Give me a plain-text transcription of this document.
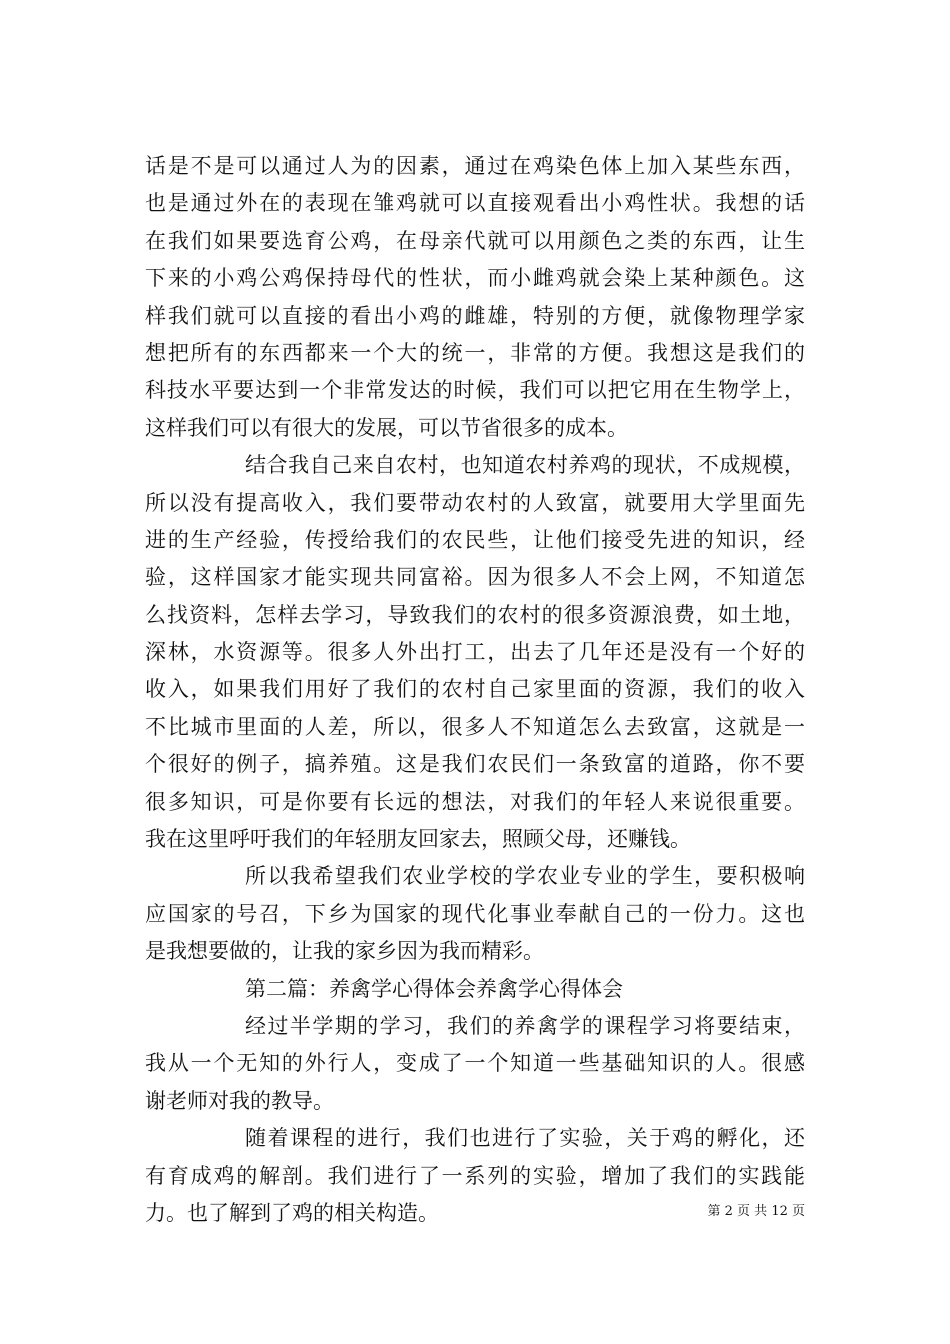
话是不是可以通过人为的因素，通过在鸡染色体上加入某些东西，
也是通过外在的表现在雏鸡就可以直接观看出小鸡性状。我想的话
在我们如果要选育公鸡，在母亲代就可以用颜色之类的东西，让生
下来的小鸡公鸡保持母代的性状，而小雌鸡就会染上某种颜色。这
样我们就可以直接的看出小鸡的雌雄，特别的方便，就像物理学家
想把所有的东西都来一个大的统一，非常的方便。我想这是我们的
科技水平要达到一个非常发达的时候，我们可以把它用在生物学上，
这样我们可以有很大的发展，可以节省很多的成本。
结合我自己来自农村，也知道农村养鸡的现状，不成规模，
所以没有提高收入，我们要带动农村的人致富，就要用大学里面先
进的生产经验，传授给我们的农民些，让他们接受先进的知识，经
验，这样国家才能实现共同富裕。因为很多人不会上网，不知道怎
么找资料，怎样去学习，导致我们的农村的很多资源浪费，如土地，
深林，水资源等。很多人外出打工，出去了几年还是没有一个好的
收入，如果我们用好了我们的农村自己家里面的资源，我们的收入
不比城市里面的人差，所以，很多人不知道怎么去致富，这就是一
个很好的例子，搞养殖。这是我们农民们一条致富的道路，你不要
很多知识，可是你要有长远的想法，对我们的年轻人来说很重要。
我在这里呼吁我们的年轻朋友回家去，照顾父母，还赚钱。
所以我希望我们农业学校的学农业专业的学生，要积极响
应国家的号召，下乡为国家的现代化事业奉献自己的一份力。这也
是我想要做的，让我的家乡因为我而精彩。
第二篇：养禽学心得体会养禽学心得体会
经过半学期的学习，我们的养禽学的课程学习将要结束，
我从一个无知的外行人，变成了一个知道一些基础知识的人。很感
谢老师对我的教导。
随着课程的进行，我们也进行了实验，关于鸡的孵化，还
有育成鸡的解剖。我们进行了一系列的实验，增加了我们的实践能
力。也了解到了鸡的相关构造。	第 2 页 共 12 页
